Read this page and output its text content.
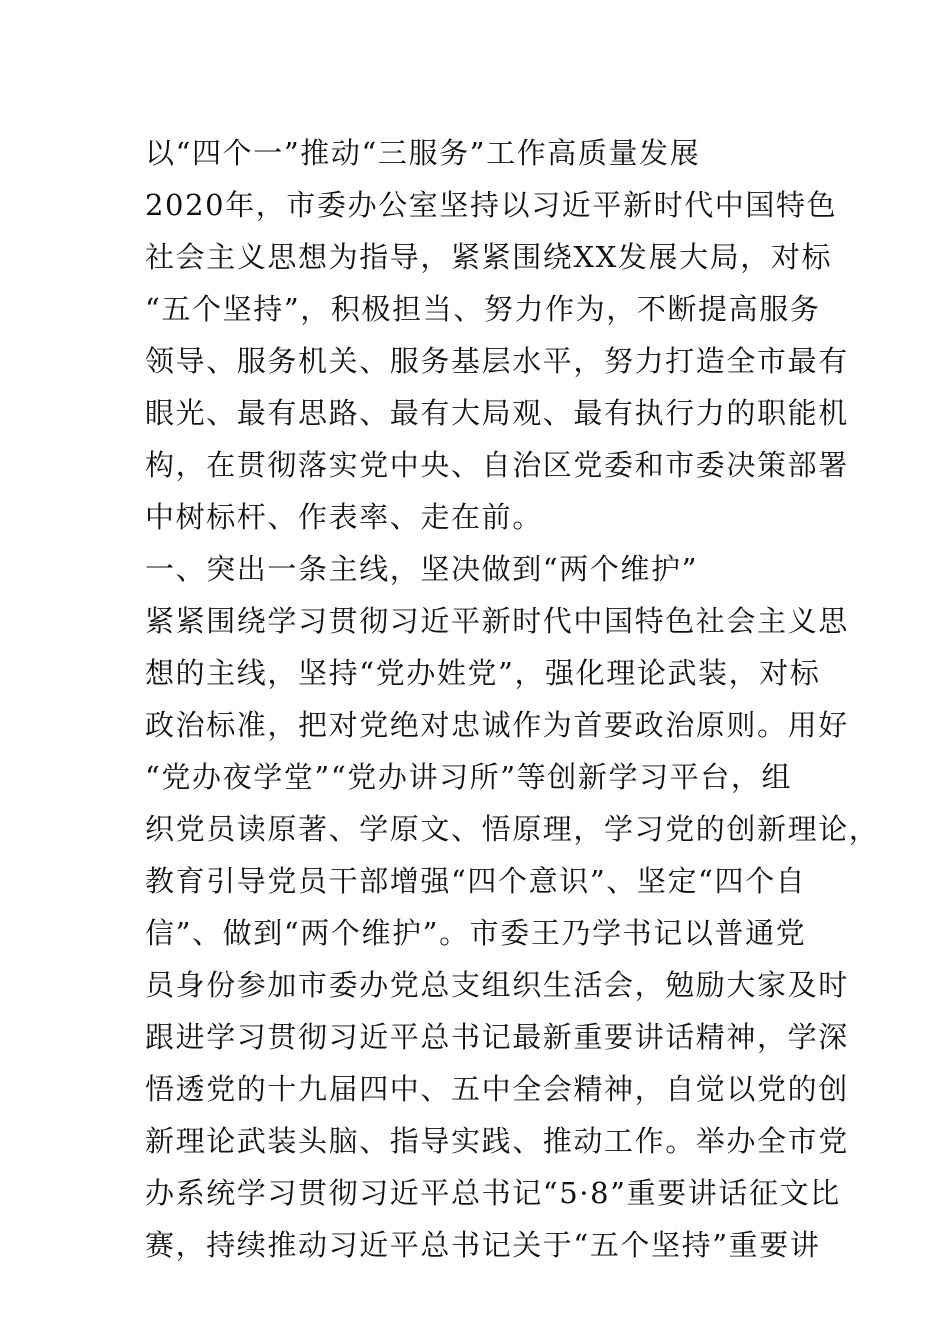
以“四个一”推动“三服务”工作高质量发展
2020年，市委办公室坚持以习近平新时代中国特色
社会主义思想为指导，紧紧围绕XX发展大局，对标
“五个坚持”，积极担当、努力作为，不断提高服务
领导、服务机关、服务基层水平，努力打造全市最有
眼光、最有思路、最有大局观、最有执行力的职能机
构，在贯彻落实党中央、自治区党委和市委决策部署
中树标杆、作表率、走在前。
一、突出一条主线，坚决做到“两个维护”
紧紧围绕学习贯彻习近平新时代中国特色社会主义思
想的主线，坚持“党办姓党”，强化理论武装，对标
政治标准，把对党绝对忠诚作为首要政治原则。用好
“党办夜学堂”“党办讲习所”等创新学习平台，组
织党员读原著、学原文、悟原理，学习党的创新理论，
教育引导党员干部增强“四个意识”、坚定“四个自
信”、做到“两个维护”。市委王乃学书记以普通党
员身份参加市委办党总支组织生活会，勉励大家及时
跟进学习贯彻习近平总书记最新重要讲话精神，学深
悟透党的十九届四中、五中全会精神，自觉以党的创
新理论武装头脑、指导实践、推动工作。举办全市党
办系统学习贯彻习近平总书记“5·8”重要讲话征文比
赛，持续推动习近平总书记关于“五个坚持”重要讲
